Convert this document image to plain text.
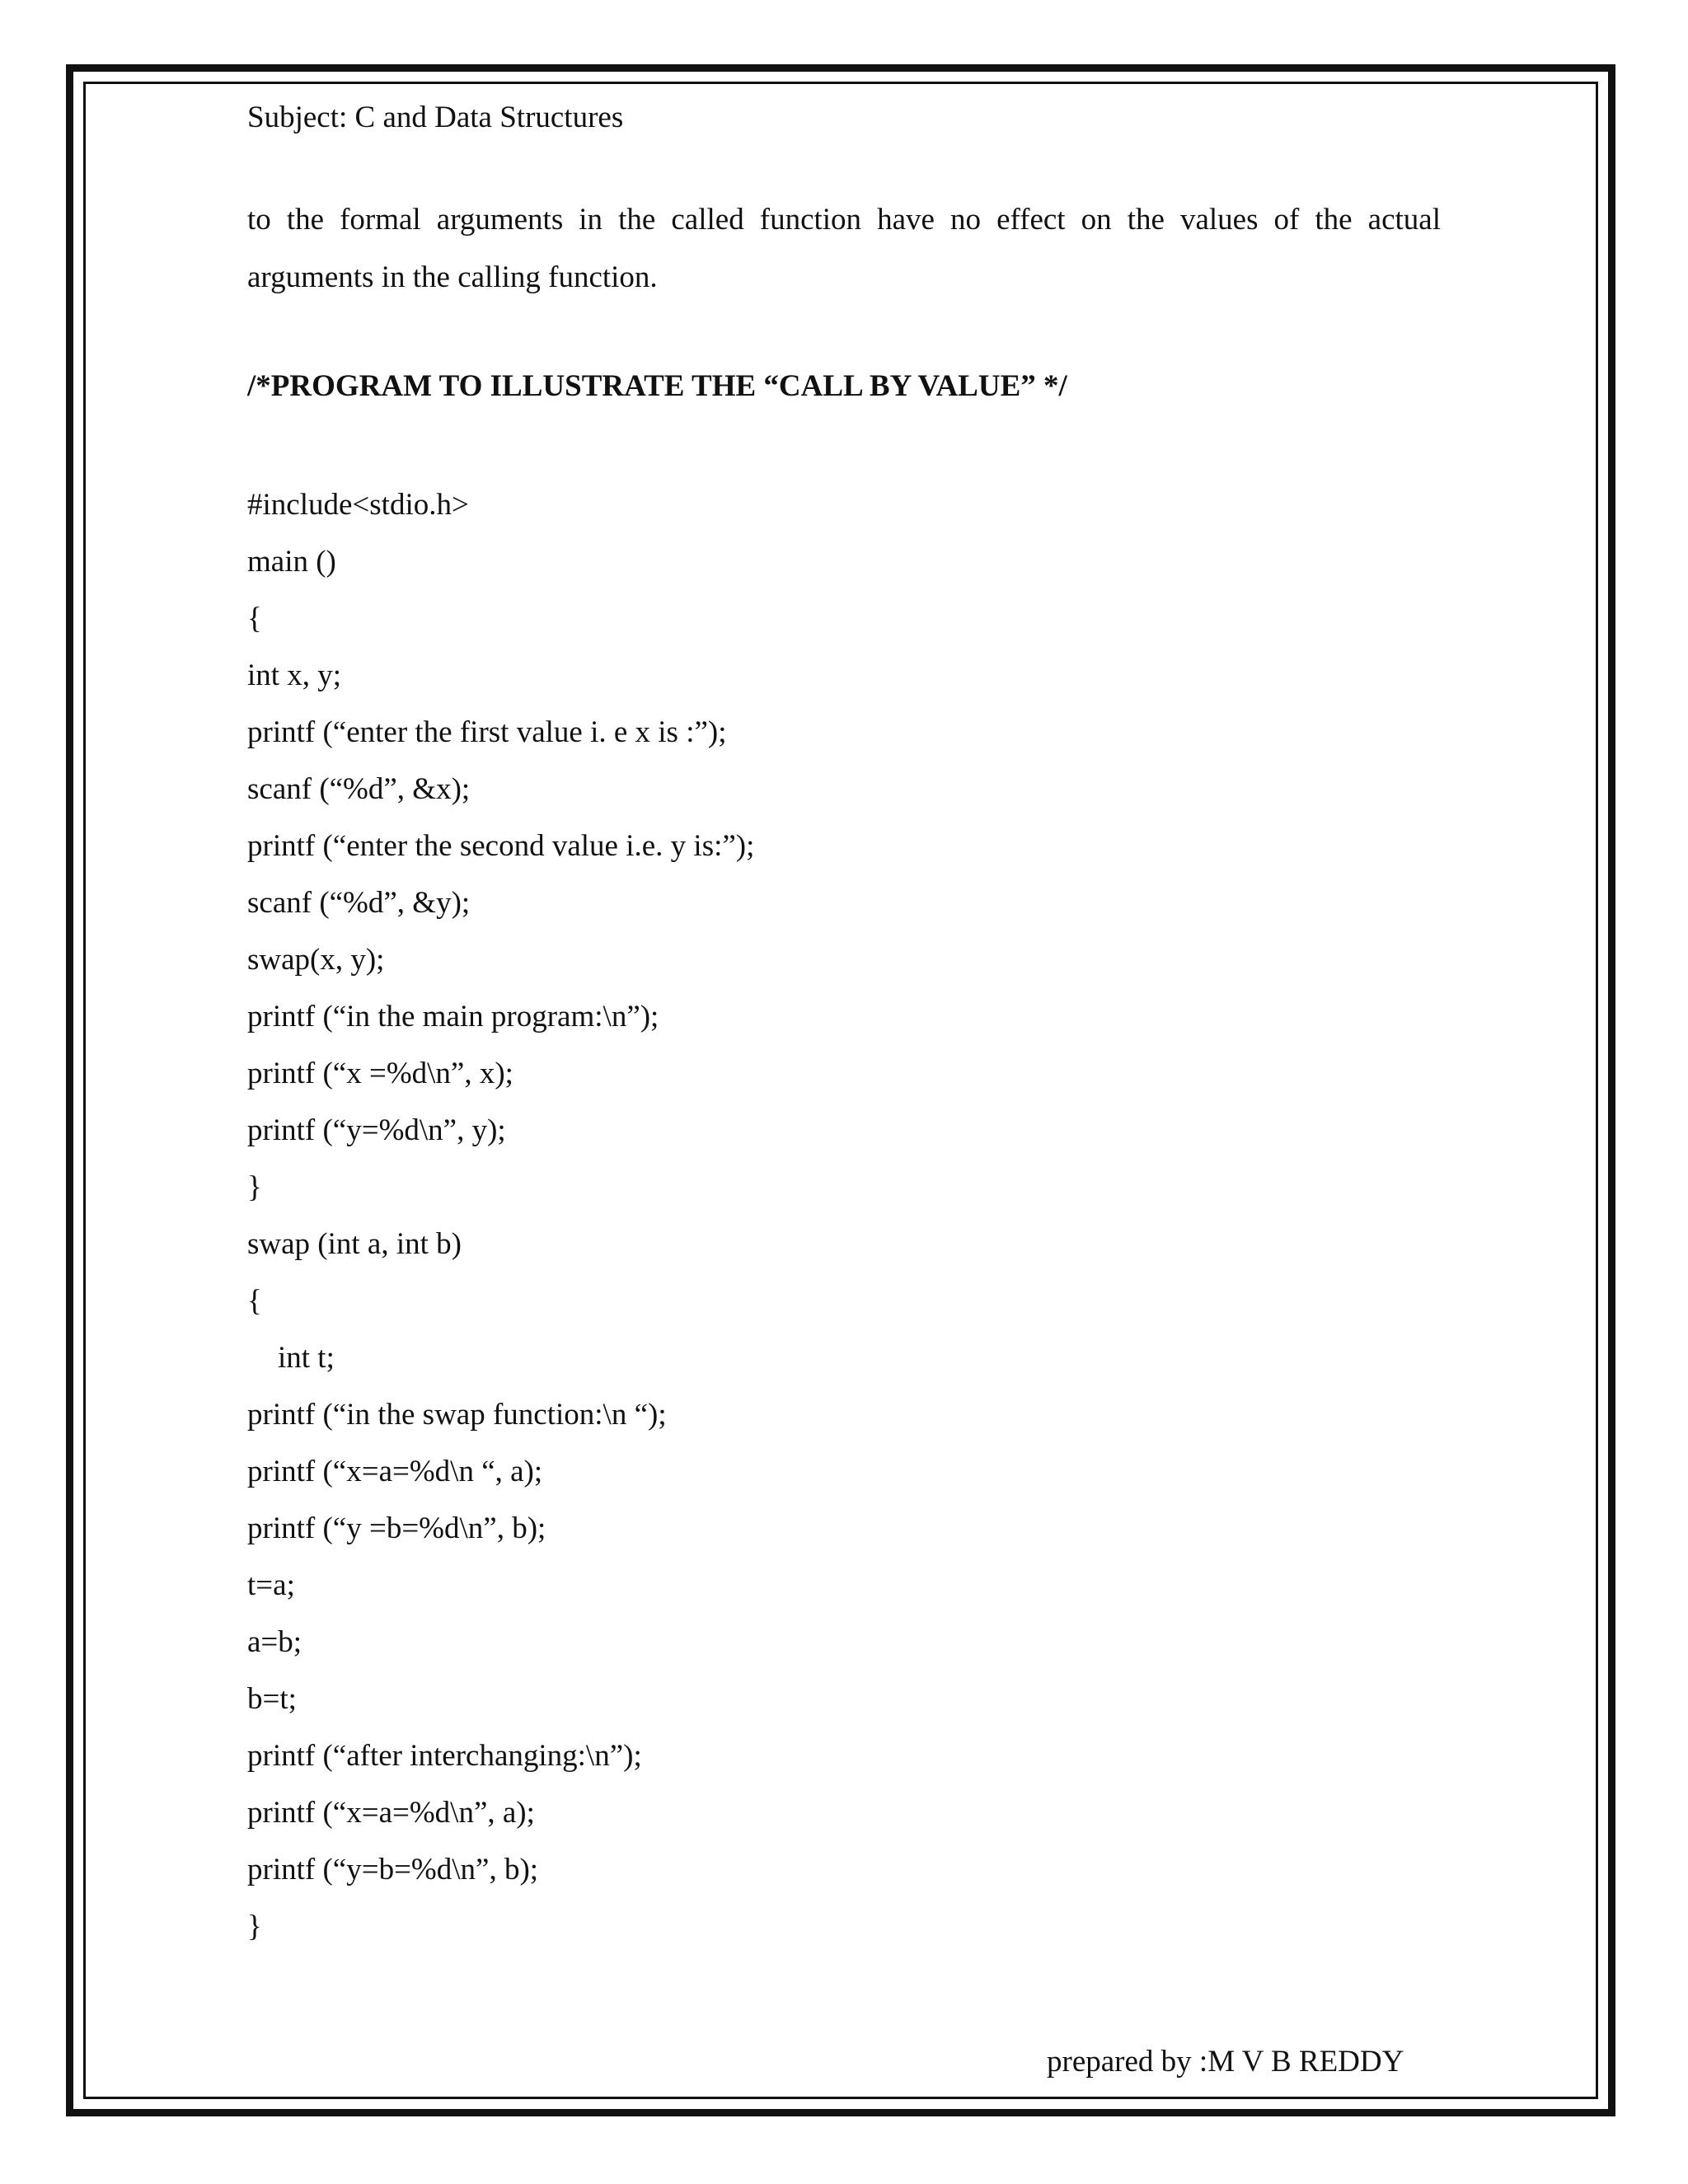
Subject: C and Data Structures
to the formal arguments in the called function have no effect on the values of the actual
arguments in the calling function.
/*PROGRAM TO ILLUSTRATE THE “CALL BY VALUE” */
#include<stdio.h>
main ()
{
int x, y;
printf (“enter the first value i. e x is :”);
scanf (“%d”, &x);
printf (“enter the second value i.e. y is:”);
scanf (“%d”, &y);
swap(x, y);
printf (“in the main program:\n”);
printf (“x =%d\n”, x);
printf (“y=%d\n”, y);
}
swap (int a, int b)
{
int t;
printf (“in the swap function:\n “);
printf (“x=a=%d\n “, a);
printf (“y =b=%d\n”, b);
t=a;
a=b;
b=t;
printf (“after interchanging:\n”);
printf (“x=a=%d\n”, a);
printf (“y=b=%d\n”, b);
}
prepared by :M V B REDDY
